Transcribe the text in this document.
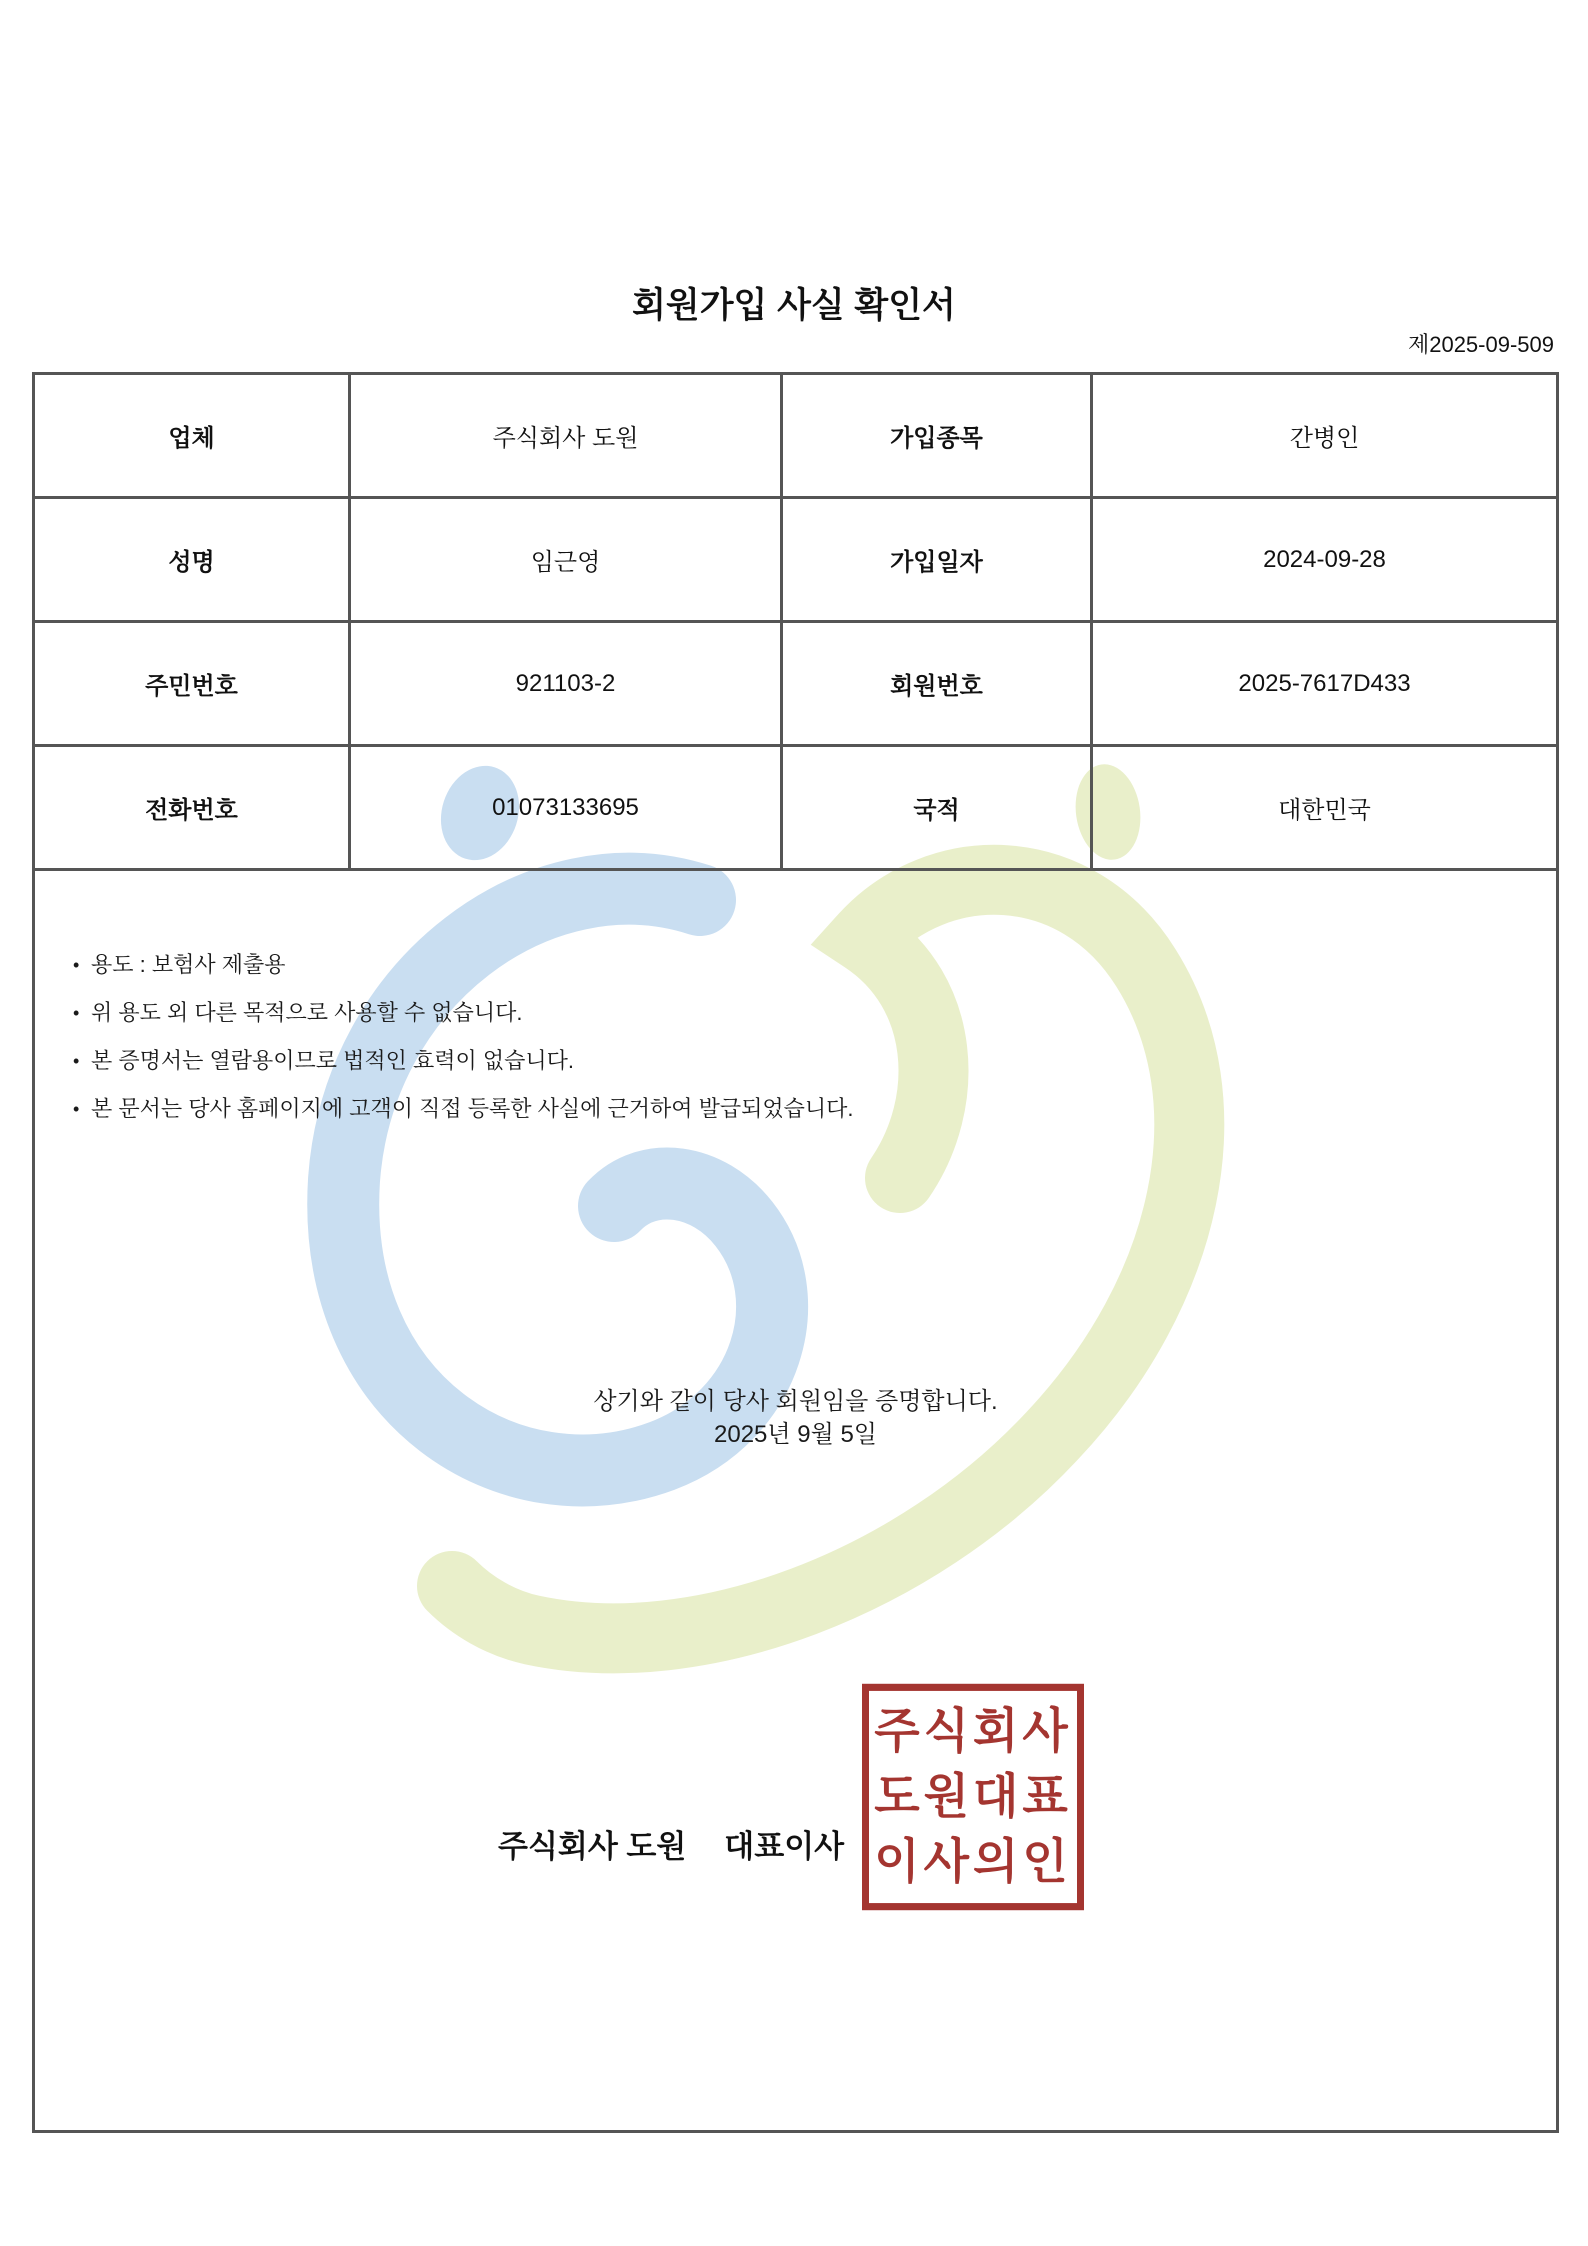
회원가입 사실 확인서
제2025-09-509
업체	주식회사 도원	가입종목	간병인
성명	임근영	가입일자	2024-09-28
주민번호	921103-2	회원번호	2025-7617D433
전화번호	01073133695	국적	대한민국

• 용도 : 보험사 제출용
• 위 용도 외 다른 목적으로 사용할 수 없습니다.
• 본 증명서는 열람용이므로 법적인 효력이 없습니다.
• 본 문서는 당사 홈페이지에 고객이 직접 등록한 사실에 근거하여 발급되었습니다.
상기와 같이 당사 회원임을 증명합니다.
2025년 9월 5일
주식회사 도원 대표이사
주식회사
도원대표
이사의인
